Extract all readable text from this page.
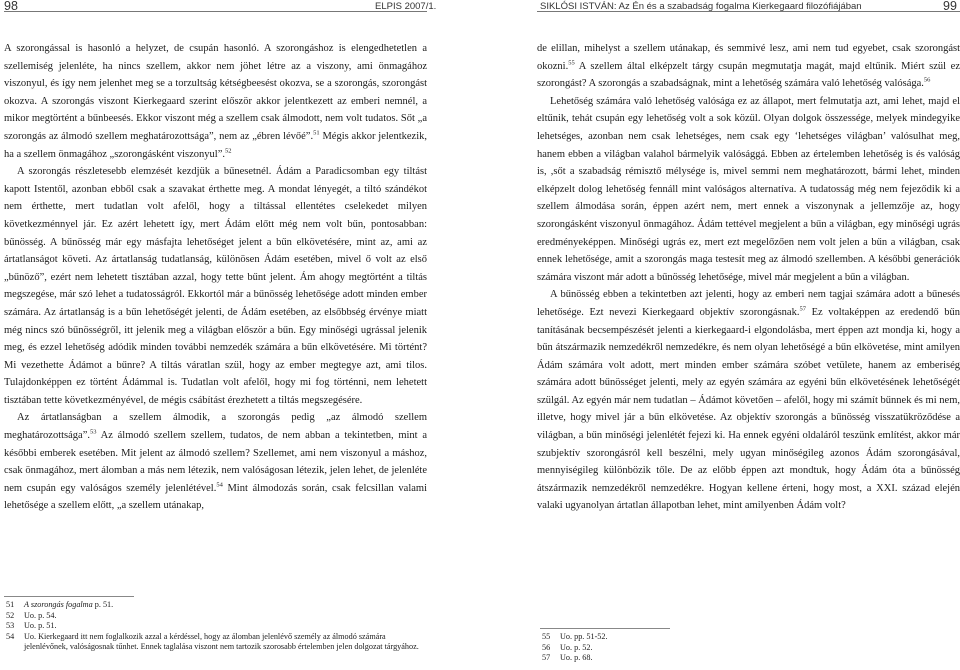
98	ELPIS 2007/1.

A szorongással is hasonló a helyzet, de csupán hasonló. A szorongáshoz is elengedhetetlen a szellemiség jelenléte, ha nincs szellem, akkor nem jöhet létre az a viszony, ami önmagához viszonyul, és így nem jelenhet meg se a torzultság kétségbeesést okozva, se a szorongás, szorongást okozva. A szorongás viszont Kierkegaard szerint először akkor jelentkezett az emberi nemnél, a mikor megtörtént a bűnbeesés. Ekkor viszont még a szellem csak álmodott, nem volt tudatos. Sőt „a szorongás az álmodó szellem meghatározottsága”, nem az „ébren lévőé”.$^{51}$ Mégis akkor jelentkezik, ha a szellem önmagához „szorongásként viszonyul”.$^{52}$

A szorongás részletesebb elemzését kezdjük a bűnesetnél. Ádám a Paradicsomban egy tiltást kapott Istentől, azonban ebből csak a szavakat érthette meg. A mondat lényegét, a tiltó szándékot nem érthette, mert tudatlan volt afelől, hogy a tiltással ellentétes cselekedet milyen következménnyel jár. Ez azért lehetett így, mert Ádám előtt még nem volt bűn, pontosabban: bűnösség. A bűnösség már egy másfajta lehetőséget jelent a bűn elkövetésére, mint az, ami az ártatlanságot követi. Az ártatlanság tudatlanság, különösen Ádám esetében, mivel ő volt az első „bűnöző”, ezért nem lehetett tisztában azzal, hogy tette bűnt jelent. Ám ahogy megtörtént a tiltás megszegése, már szó lehet a tudatosságról. Ekkortól már a bűnösség lehetősége adott minden ember számára. Az ártatlanság is a bűn lehetőségét jelenti, de Ádám esetében, az elsőbbség érvénye miatt még nincs szó bűnösségről, itt jelenik meg a világban először a bűn. Egy minőségi ugrással jelenik meg, és ezzel lehetőség adódik minden további nemzedék számára a bűn elkövetésére. Mi történt? Mi vezethette Ádámot a bűnre? A tiltás váratlan szül, hogy az ember megtegye azt, ami tilos. Tulajdonképpen ez történt Ádámmal is. Tudatlan volt afelől, hogy mi fog történni, nem lehetett tisztában tette következményével, de mégis csábítást érezhetett a tiltás megszegésére.

Az ártatlanságban a szellem álmodik, a szorongás pedig „az álmodó szellem meghatározottsága”.$^{53}$ Az álmodó szellem szellem, tudatos, de nem abban a tekintetben, mint a későbbi emberek esetében. Mit jelent az álmodó szellem? Szellemet, ami nem viszonyul a máshoz, csak önmagához, mert álomban a más nem létezik, nem valóságosan létezik, jelen lehet, de jelenléte nem csupán egy valóságos személy jelenlétével.$^{54}$ Mint álmodozás során, csak felcsillan valami lehetősége a szellem előtt, „a szellem utánakap,

51	A szorongás fogalma p. 51.
52	Uo. p. 54.
53	Uo. p. 51.
54	Uo. Kierkegaard itt nem foglalkozik azzal a kérdéssel, hogy az álomban jelenlévő személy az álmodó számára jelenlévőnek, valóságosnak tűnhet. Ennek taglalása viszont nem tartozik szorosabb értelemben jelen dolgozat tárgyához.
SIKLÓSI ISTVÁN: Az Én és a szabadság fogalma Kierkegaard filozófiájában	99

de elillan, mihelyst a szellem utánakap, és semmivé lesz, ami nem tud egyebet, csak szorongást okozni.$^{55}$ A szellem által elképzelt tárgy csupán megmutatja magát, majd eltűnik. Miért szül ez szorongást? A szorongás a szabadságnak, mint a lehetőség számára való lehetőség valósága.$^{56}$

Lehetőség számára való lehetőség valósága ez az állapot, mert felmutatja azt, ami lehet, majd el eltűnik, tehát csupán egy lehetőség volt a sok közül. Olyan dolgok összessége, melyek mindegyike lehetséges, azonban nem csak lehetséges, nem csak egy ‘lehetséges világban’ valósulhat meg, hanem ebben a világban valahol bármelyik valósággá. Ebben az értelemben lehetőség is és valóság is, ,sőt a szabadság rémisztő mélysége is, mivel semmi nem meghatározott, bármi lehet, minden elképzelt dolog lehetőség fennáll mint valóságos alternatíva. A tudatosság még nem fejeződik ki a szellem álmodása során, éppen azért nem, mert ennek a viszonynak a jellemzője az, hogy szorongásként viszonyul önmagához. Ádám tettével megjelent a bűn a világban, egy minőségi ugrás eredményeképpen. Minőségi ugrás ez, mert ezt megelőzően nem volt jelen a bűn a világban, csak ennek lehetősége, amit a szorongás maga testesít meg az álmodó szellemben. A későbbi generációk számára viszont már adott a bűnösség lehetősége, mivel már megjelent a bűn a világban.

A bűnösség ebben a tekintetben azt jelenti, hogy az emberi nem tagjai számára adott a bűnesés lehetősége. Ezt nevezi Kierkegaard objektív szorongásnak.$^{57}$ Ez voltaképpen az eredendő bűn tanításának becsempészését jelenti a kierkegaard-i elgondolásba, mert éppen azt mondja ki, hogy a bűn átszármazik nemzedékről nemzedékre, és nem olyan lehetőségé a bűn elkövetése, mint amilyen Ádám számára volt adott, mert minden ember számára szóbet vetülete, hanem az emberiség számára adott bűnösséget jelenti, mely az egyén számára az egyéni bűn elkövetésének lehetőségét szülgál. Az egyén már nem tudatlan – Ádámot követően – afelől, hogy mi számít bűnnek és mi nem, illetve, hogy mivel jár a bűn elkövetése. Az objektív szorongás a bűnösség visszatükröződése a világban, a bűn minőségi jelenlétét fejezi ki. Ha ennek egyéni oldaláról teszünk említést, akkor már szubjektív szorongásról kell beszélni, mely ugyan minőségileg azonos Ádám szorongásával, mennyiségileg különbözik tőle. De az előbb éppen azt mondtuk, hogy Ádám óta a bűnösség átszármazik nemzedékről nemzedékre. Hogyan kellene érteni, hogy most, a XXI. század elején valaki ugyanolyan ártatlan állapotban lehet, mint amilyenben Ádám volt?

55	Uo. pp. 51-52.
56	Uo. p. 52.
57	Uo. p. 68.
